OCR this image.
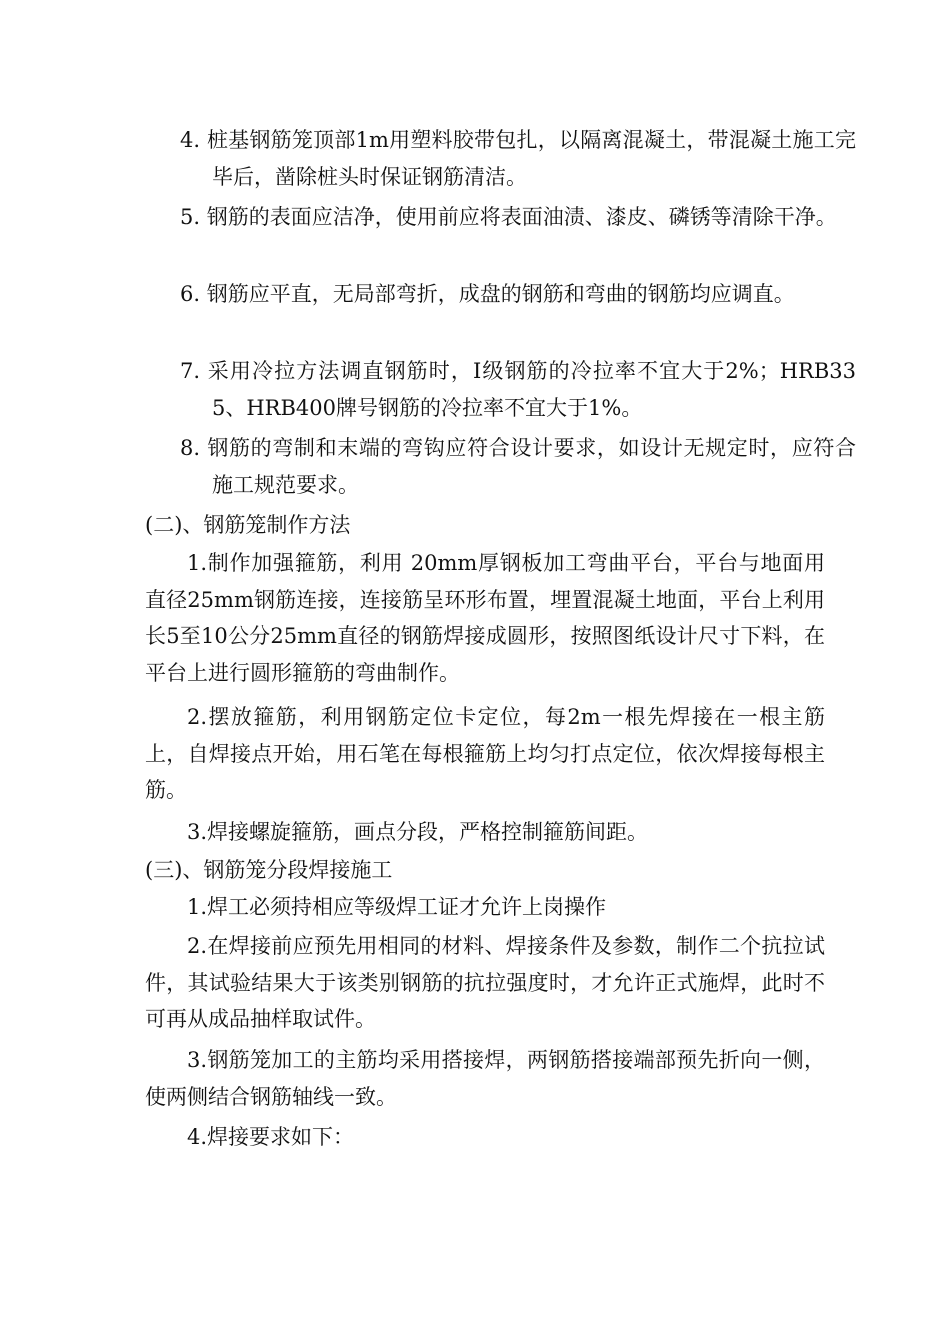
4. 桩基钢筋笼顶部1m用塑料胶带包扎，以隔离混凝土，带混凝土施工完毕后，凿除桩头时保证钢筋清洁。

5. 钢筋的表面应洁净，使用前应将表面油渍、漆皮、磷锈等清除干净。

6. 钢筋应平直，无局部弯折，成盘的钢筋和弯曲的钢筋均应调直。

7. 采用冷拉方法调直钢筋时，Ⅰ级钢筋的冷拉率不宜大于2%；HRB335、HRB400牌号钢筋的冷拉率不宜大于1%。

8. 钢筋的弯制和末端的弯钩应符合设计要求，如设计无规定时，应符合施工规范要求。

(二)、钢筋笼制作方法

1.制作加强箍筋，利用 20mm厚钢板加工弯曲平台，平台与地面用直径25mm钢筋连接，连接筋呈环形布置，埋置混凝土地面，平台上利用长5至10公分25mm直径的钢筋焊接成圆形，按照图纸设计尺寸下料，在平台上进行圆形箍筋的弯曲制作。

2.摆放箍筋，利用钢筋定位卡定位，每2m一根先焊接在一根主筋上，自焊接点开始，用石笔在每根箍筋上均匀打点定位，依次焊接每根主筋。

3.焊接螺旋箍筋，画点分段，严格控制箍筋间距。

(三)、钢筋笼分段焊接施工

1.焊工必须持相应等级焊工证才允许上岗操作

2.在焊接前应预先用相同的材料、焊接条件及参数，制作二个抗拉试件，其试验结果大于该类别钢筋的抗拉强度时，才允许正式施焊，此时不可再从成品抽样取试件。

3.钢筋笼加工的主筋均采用搭接焊，两钢筋搭接端部预先折向一侧，使两侧结合钢筋轴线一致。

4.焊接要求如下：
